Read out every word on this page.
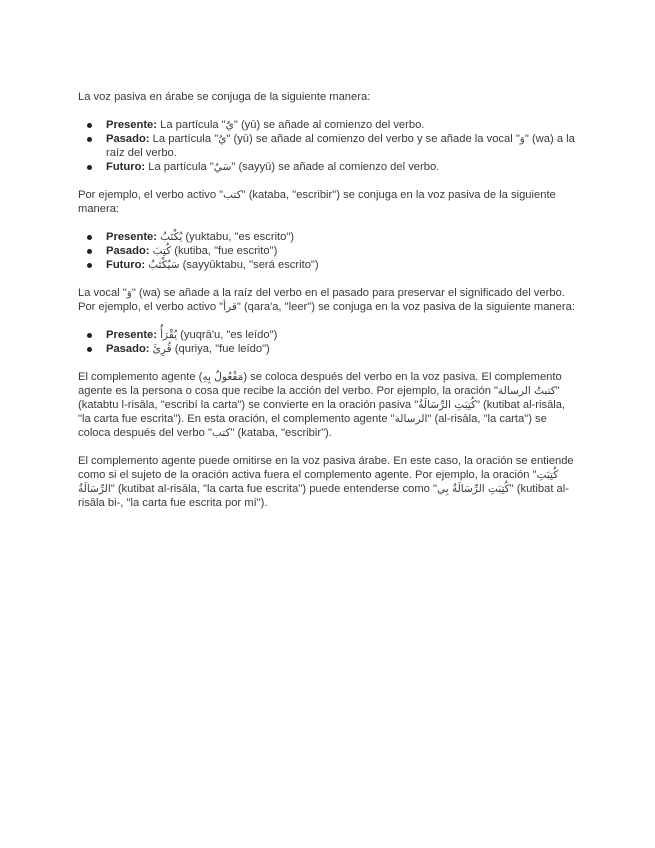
La voz pasiva en árabe se conjuga de la siguiente manera:

Presente: La partícula "يُ" (yū) se añade al comienzo del verbo.
Pasado: La partícula "يُ" (yū) se añade al comienzo del verbo y se añade la vocal "وَ" (wa) a la raíz del verbo.
Futuro: La partícula "سَيُ" (sayyū) se añade al comienzo del verbo.

Por ejemplo, el verbo activo "كتب" (kataba, "escribir") se conjuga en la voz pasiva de la siguiente manera:

Presente: يُكْتَبُ (yuktabu, "es escrito")
Pasado: كُتِبَ (kutiba, "fue escrito")
Futuro: سَيُكْتَبُ (sayyūktabu, "será escrito")

La vocal "وَ" (wa) se añade a la raíz del verbo en el pasado para preservar el significado del verbo. Por ejemplo, el verbo activo "قرأ" (qara'a, "leer") se conjuga en la voz pasiva de la siguiente manera:

Presente: يُقْرَأُ (yuqrā'u, "es leído")
Pasado: قُرِئَ (quriya, "fue leído")

El complemento agente (مَفْعُولٌ بِهِ) se coloca después del verbo en la voz pasiva. El complemento agente es la persona o cosa que recibe la acción del verbo. Por ejemplo, la oración "كتبتُ الرسالة" (katabtu l-risāla, "escribí la carta") se convierte en la oración pasiva "كُتِبَتِ الرِّسَالَةُ" (kutibat al-risāla, "la carta fue escrita"). En esta oración, el complemento agente "الرسالة" (al-risāla, "la carta") se coloca después del verbo "كتب" (kataba, "escribir").

El complemento agente puede omitirse en la voz pasiva árabe. En este caso, la oración se entiende como si el sujeto de la oración activa fuera el complemento agente. Por ejemplo, la oración "كُتِبَتِ الرِّسَالَةُ" (kutibat al-risāla, "la carta fue escrita") puede entenderse como "كُتِبَتِ الرِّسَالَةُ بِي" (kutibat al-risāla bi-, "la carta fue escrita por mí").
